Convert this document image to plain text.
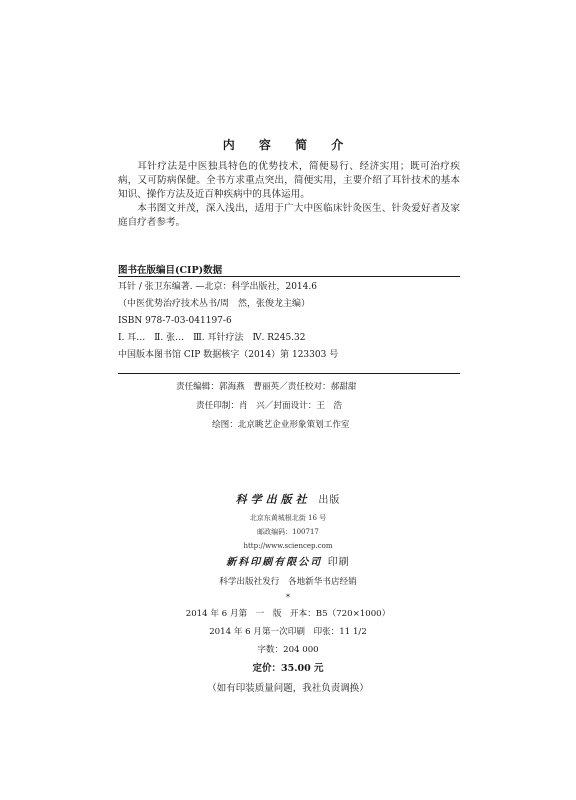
内 容 简 介

耳针疗法是中医独具特色的优势技术，简便易行、经济实用；既可治疗疾病，又可防病保健。全书方求重点突出，简便实用，主要介绍了耳针技术的基本知识、操作方法及近百种疾病中的具体运用。

本书图文并茂，深入浅出，适用于广大中医临床针灸医生、针灸爱好者及家庭自疗者参考。

图书在版编目(CIP)数据
耳针 / 张卫东编著. —北京：科学出版社，2014.6
（中医优势治疗技术丛书/周　然，张俊龙主编）
ISBN 978-7-03-041197-6
Ⅰ. 耳…　Ⅱ. 张…　Ⅲ. 耳针疗法　Ⅳ. R245.32
中国版本图书馆 CIP 数据核字（2014）第 123303 号
责任编辑：郭海燕　曹丽英／责任校对：郝甜甜
责任印制：肖　兴／封面设计：王　浩
绘图：北京眺艺企业形象策划工作室
科学出版社 出版
北京东黄城根北街 16 号
邮政编码：100717
http://www.sciencep.com
新科印刷有限公司 印刷
科学出版社发行　各地新华书店经销
*
2014 年 6 月第　一　版　开本：B5（720×1000）
2014 年 6 月第一次印刷　印张：11 1/2
字数：204 000
定价：35.00 元
（如有印装质量问题，我社负责调换）
